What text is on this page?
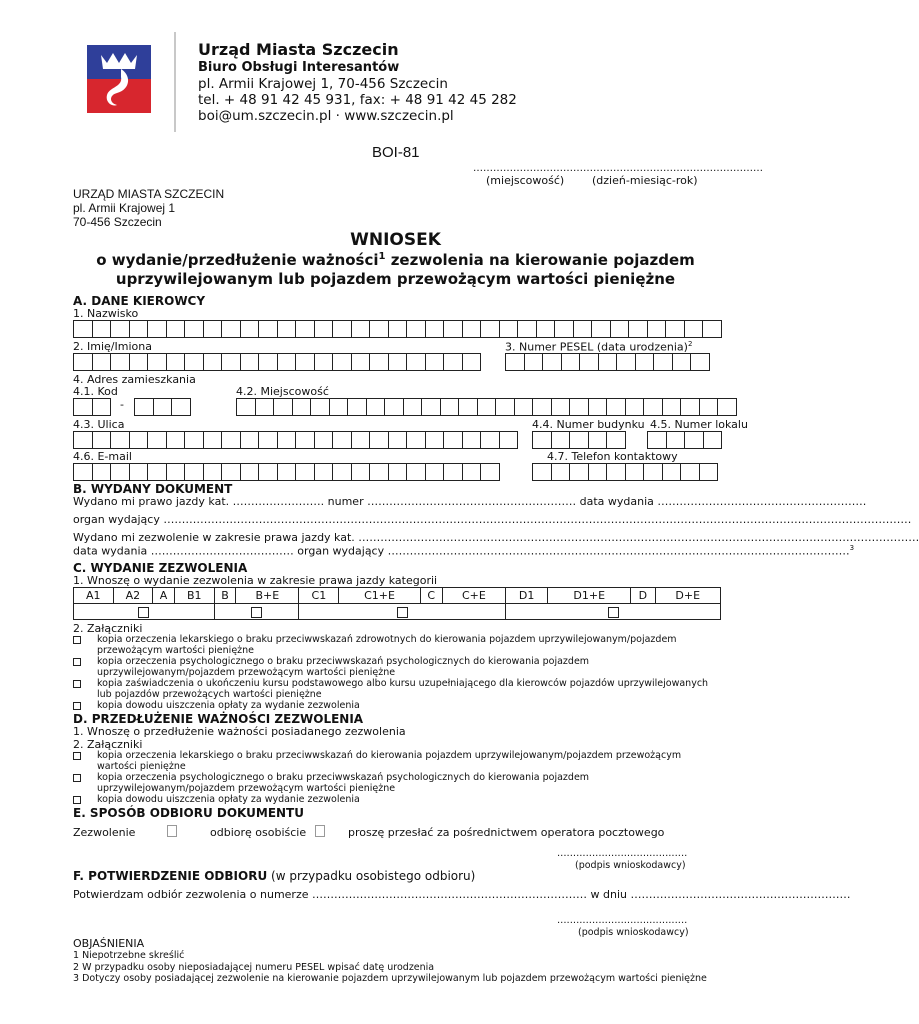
Urząd Miasta Szczecin
Biuro Obsługi Interesantów
pl. Armii Krajowej 1, 70-456 Szczecin
tel. + 48 91 42 45 931, fax: + 48 91 42 45 282
boi@um.szczecin.pl · www.szczecin.pl
BOI-81
……………………………………………………………………………
(miejscowość)	(dzień-miesiąc-rok)
URZĄD MIASTA SZCZECIN
pl. Armii Krajowej 1
70-456 Szczecin
WNIOSEK
o wydanie/przedłużenie ważności$^1$ zezwolenia na kierowanie pojazdem
uprzywilejowanym lub pojazdem przewożącym wartości pieniężne
A. DANE KIEROWCY
1. Nazwisko
2. Imię/Imiona	3. Numer PESEL (data urodzenia)$^2$
4. Adres zamieszkania
4.1. Kod	4.2. Miejscowość
-
4.3. Ulica	4.4. Numer budynku 4.5. Numer lokalu
4.6. E-mail	4.7. Telefon kontaktowy
B. WYDANY DOKUMENT
Wydano mi prawo jazdy kat. ……………………. numer ………………………………………………… data wydania …………………………………………………
organ wydający ……………………………………………………………………………………………………………………………………………………………………………………
Wydano mi zezwolenie w zakresie prawa jazdy kat. ………………………………………………………………………………………………………………………………………
data wydania ………………………………… organ wydający ………………………………………………………………………………………………………………$^3$
C. WYDANIE ZEZWOLENIA
1. Wnoszę o wydanie zezwolenia w zakresie prawa jazdy kategorii
A1	A2	A	B1	B	B+E	C1	C1+E	C	C+E	D1	D1+E	D	D+E

2. Załączniki
kopia orzeczenia lekarskiego o braku przeciwwskazań zdrowotnych do kierowania pojazdem uprzywilejowanym/pojazdem przewożącym wartości pieniężne
kopia orzeczenia psychologicznego o braku przeciwwskazań psychologicznych do kierowania pojazdem uprzywilejowanym/pojazdem przewożącym wartości pieniężne
kopia zaświadczenia o ukończeniu kursu podstawowego albo kursu uzupełniającego dla kierowców pojazdów uprzywilejowanych lub pojazdów przewożących wartości pieniężne
kopia dowodu uiszczenia opłaty za wydanie zezwolenia
D. PRZEDŁUŻENIE WAŻNOŚCI ZEZWOLENIA
1. Wnoszę o przedłużenie ważności posiadanego zezwolenia
2. Załączniki
kopia orzeczenia lekarskiego o braku przeciwwskazań do kierowania pojazdem uprzywilejowanym/pojazdem przewożącym wartości pieniężne
kopia orzeczenia psychologicznego o braku przeciwwskazań psychologicznych do kierowania pojazdem uprzywilejowanym/pojazdem przewożącym wartości pieniężne
kopia dowodu uiszczenia opłaty za wydanie zezwolenia
E. SPOSÓB ODBIORU DOKUMENTU
Zezwolenie	odbiorę osobiście	proszę przesłać za pośrednictwem operatora pocztowego
.........................................
(podpis wnioskodawcy)
F. POTWIERDZENIE ODBIORU (w przypadku osobistego odbioru)
Potwierdzam odbiór zezwolenia o numerze ………………………………………………………………… w dniu ……………………………………………………
.........................................
(podpis wnioskodawcy)
OBJAŚNIENIA
1 Niepotrzebne skreślić
2 W przypadku osoby nieposiadającej numeru PESEL wpisać datę urodzenia
3 Dotyczy osoby posiadającej zezwolenie na kierowanie pojazdem uprzywilejowanym lub pojazdem przewożącym wartości pieniężne
